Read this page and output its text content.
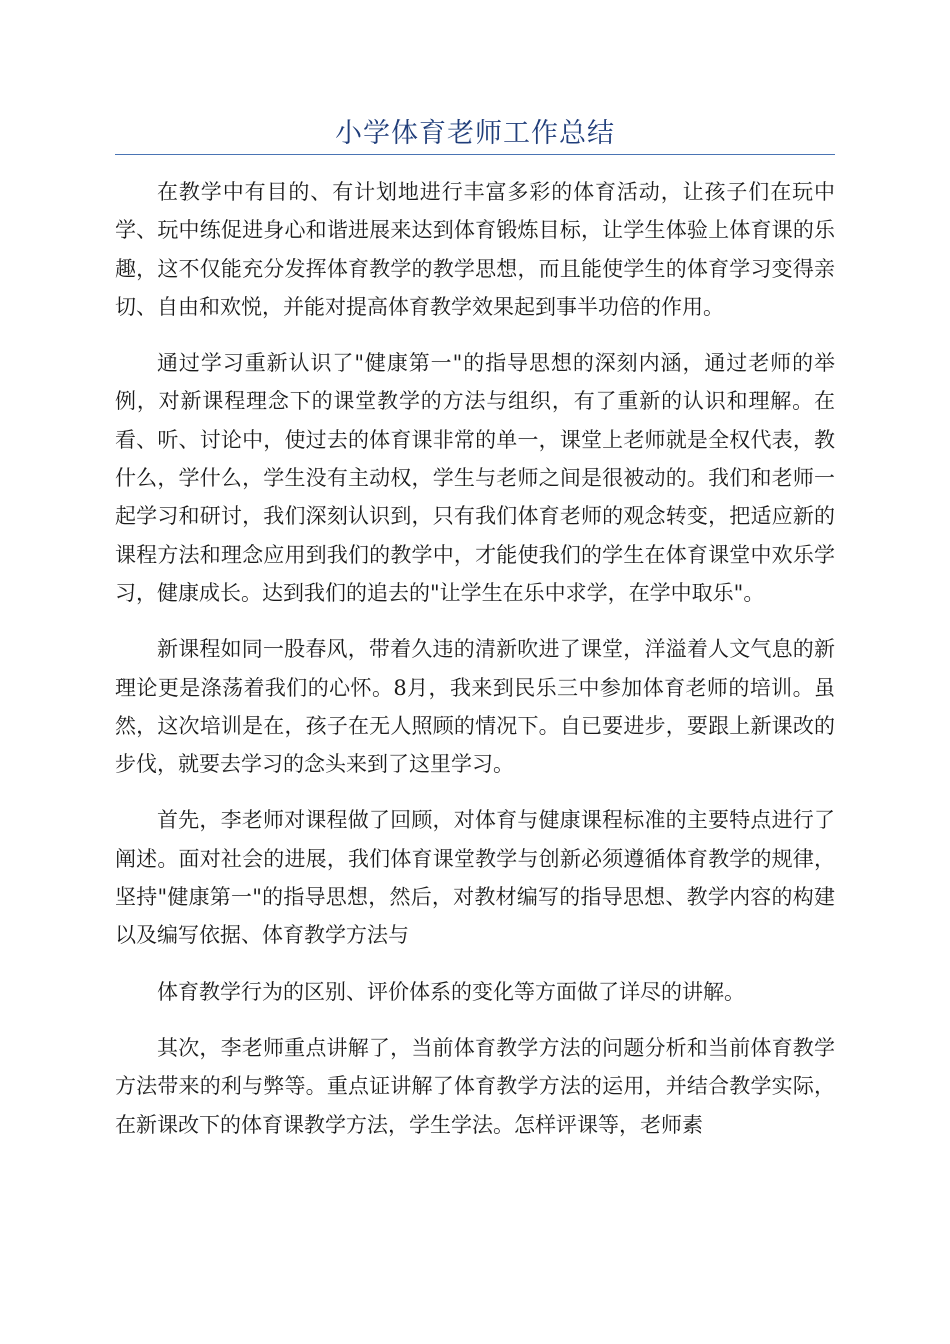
小学体育老师工作总结

在教学中有目的、有计划地进行丰富多彩的体育活动，让孩子们在玩中学、玩中练促进身心和谐进展来达到体育锻炼目标，让学生体验上体育课的乐趣，这不仅能充分发挥体育教学的教学思想，而且能使学生的体育学习变得亲切、自由和欢悦，并能对提高体育教学效果起到事半功倍的作用。

通过学习重新认识了"健康第一"的指导思想的深刻内涵，通过老师的举例，对新课程理念下的课堂教学的方法与组织，有了重新的认识和理解。在看、听、讨论中，使过去的体育课非常的单一，课堂上老师就是全权代表，教什么，学什么，学生没有主动权，学生与老师之间是很被动的。我们和老师一起学习和研讨，我们深刻认识到，只有我们体育老师的观念转变，把适应新的课程方法和理念应用到我们的教学中，才能使我们的学生在体育课堂中欢乐学习，健康成长。达到我们的追去的"让学生在乐中求学，在学中取乐"。

新课程如同一股春风，带着久违的清新吹进了课堂，洋溢着人文气息的新理论更是涤荡着我们的心怀。8月，我来到民乐三中参加体育老师的培训。虽然，这次培训是在，孩子在无人照顾的情况下。自已要进步，要跟上新课改的步伐，就要去学习的念头来到了这里学习。

首先，李老师对课程做了回顾，对体育与健康课程标准的主要特点进行了阐述。面对社会的进展，我们体育课堂教学与创新必须遵循体育教学的规律，坚持"健康第一"的指导思想，然后，对教材编写的指导思想、教学内容的构建以及编写依据、体育教学方法与

体育教学行为的区别、评价体系的变化等方面做了详尽的讲解。

其次，李老师重点讲解了，当前体育教学方法的问题分析和当前体育教学方法带来的利与弊等。重点证讲解了体育教学方法的运用，并结合教学实际，在新课改下的体育课教学方法，学生学法。怎样评课等，老师素
